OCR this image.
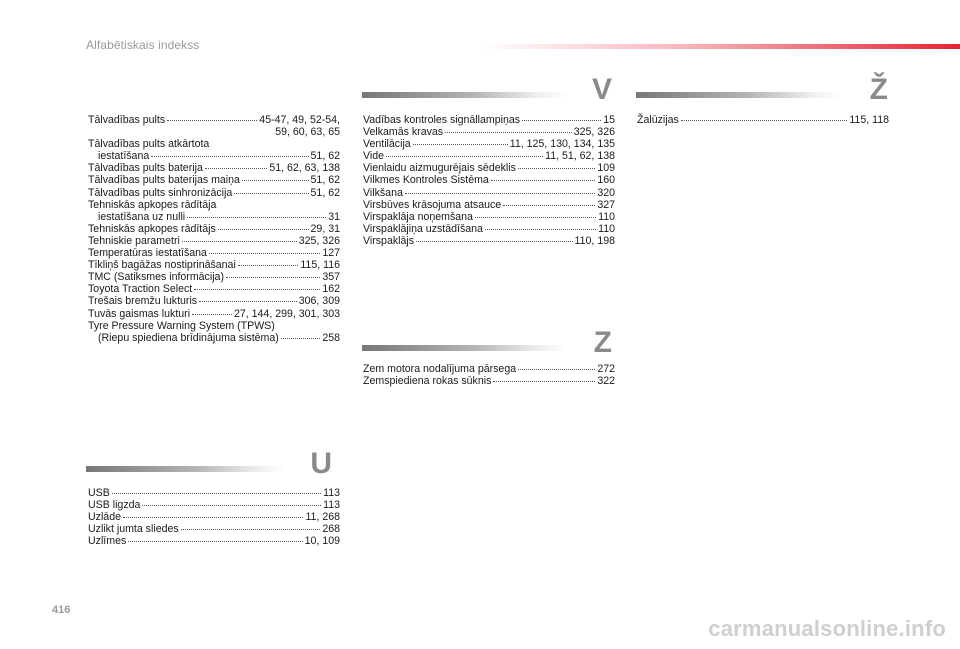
Alfabētiskais indekss
Tālvadības pults	45-47, 49, 52-54,
59, 60, 63, 65
Tālvadības pults atkārtota
iestatīšana	51, 62
Tālvadības pults baterija	51, 62, 63, 138
Tālvadības pults baterijas maiņa	51, 62
Tālvadības pults sinhronizācija	51, 62
Tehniskās apkopes rādītāja
iestatīšana uz nulli	31
Tehniskās apkopes rādītājs	29, 31
Tehniskie parametri	325, 326
Temperatūras iestatīšana	127
Tīkliņš bagāžas nostiprināšanai	115, 116
TMC (Satiksmes informācija)	357
Toyota Traction Select	162
Trešais bremžu lukturis	306, 309
Tuvās gaismas lukturi	27, 144, 299, 301, 303
Tyre Pressure Warning System (TPWS)
(Riepu spiediena brīdinājuma sistēma)	258
U
USB	113
USB ligzda	113
Uzlāde	11, 268
Uzlikt jumta sliedes	268
Uzlīmes	10, 109
V
Vadības kontroles signāllampiņas	15
Velkamās kravas	325, 326
Ventilācija	11, 125, 130, 134, 135
Vide	11, 51, 62, 138
Vienlaidu aizmugurējais sēdeklis	109
Vilkmes Kontroles Sistēma	160
Vilkšana	320
Virsbūves krāsojuma atsauce	327
Virspaklāja noņemšana	110
Virspaklājiņa uzstādīšana	110
Virspaklājs	110, 198
Z
Zem motora nodalījuma pārsega	272
Zemspiediena rokas sūknis	322
Ž
Žalūzijas	115, 118
416
carmanualsonline.info
